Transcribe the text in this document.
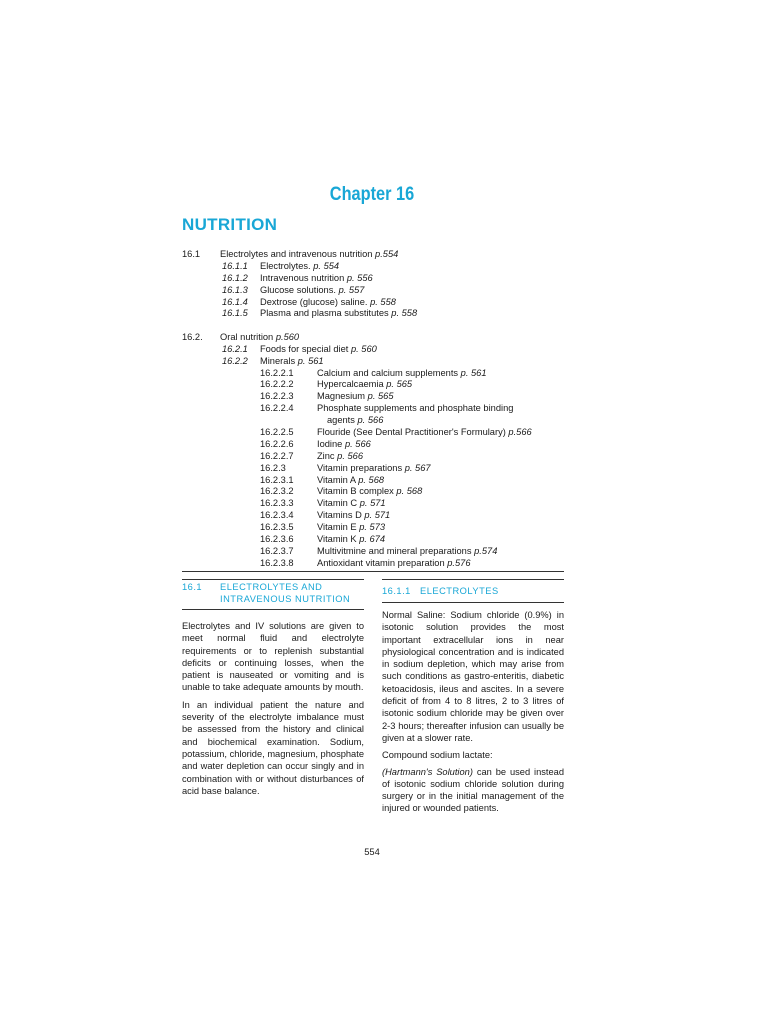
Chapter 16
NUTRITION
16.1 Electrolytes and intravenous nutrition p.554
16.1.1 Electrolytes. p. 554
16.1.2 Intravenous nutrition p. 556
16.1.3 Glucose solutions. p. 557
16.1.4 Dextrose (glucose) saline. p. 558
16.1.5 Plasma and plasma substitutes p. 558
16.2. Oral nutrition p.560
16.2.1 Foods for special diet p. 560
16.2.2 Minerals p. 561
16.2.2.1	Calcium and calcium supplements p. 561
16.2.2.2	Hypercalcaemia p. 565
16.2.2.3	Magnesium p. 565
16.2.2.4	Phosphate supplements and phosphate binding
agents p. 566
16.2.2.5	Flouride (See Dental Practitioner's Formulary) p.566
16.2.2.6	Iodine p. 566
16.2.2.7	Zinc p. 566
16.2.3	Vitamin preparations p. 567
16.2.3.1	Vitamin A p. 568
16.2.3.2	Vitamin B complex p. 568
16.2.3.3	Vitamin C p. 571
16.2.3.4	Vitamins D p. 571
16.2.3.5	Vitamin E p. 573
16.2.3.6	Vitamin K p. 674
16.2.3.7	Multivitmine and mineral preparations p.574
16.2.3.8	Antioxidant vitamin preparation p.576
16.1 ELECTROLYTES AND
INTRAVENOUS NUTRITION

Electrolytes and IV solutions are given to meet normal fluid and electrolyte requirements or to replenish substantial deficits or continuing losses, when the patient is nauseated or vomiting and is unable to take adequate amounts by mouth.

In an individual patient the nature and severity of the electrolyte imbalance must be assessed from the history and clinical and biochemical examination. Sodium, potassium, chloride, magnesium, phosphate and water depletion can occur singly and in combination with or without disturbances of acid base balance.

16.1.1 ELECTROLYTES

Normal Saline: Sodium chloride (0.9%) in isotonic solution provides the most important extracellular ions in near physiological concentration and is indicated in sodium depletion, which may arise from such conditions as gastro-enteritis, diabetic ketoacidosis, ileus and ascites. In a severe deficit of from 4 to 8 litres, 2 to 3 litres of isotonic sodium chloride may be given over 2-3 hours; thereafter infusion can usually be given at a slower rate.

Compound sodium lactate:

(Hartmann's Solution) can be used instead of isotonic sodium chloride solution during surgery or in the initial management of the injured or wounded patients.

554
